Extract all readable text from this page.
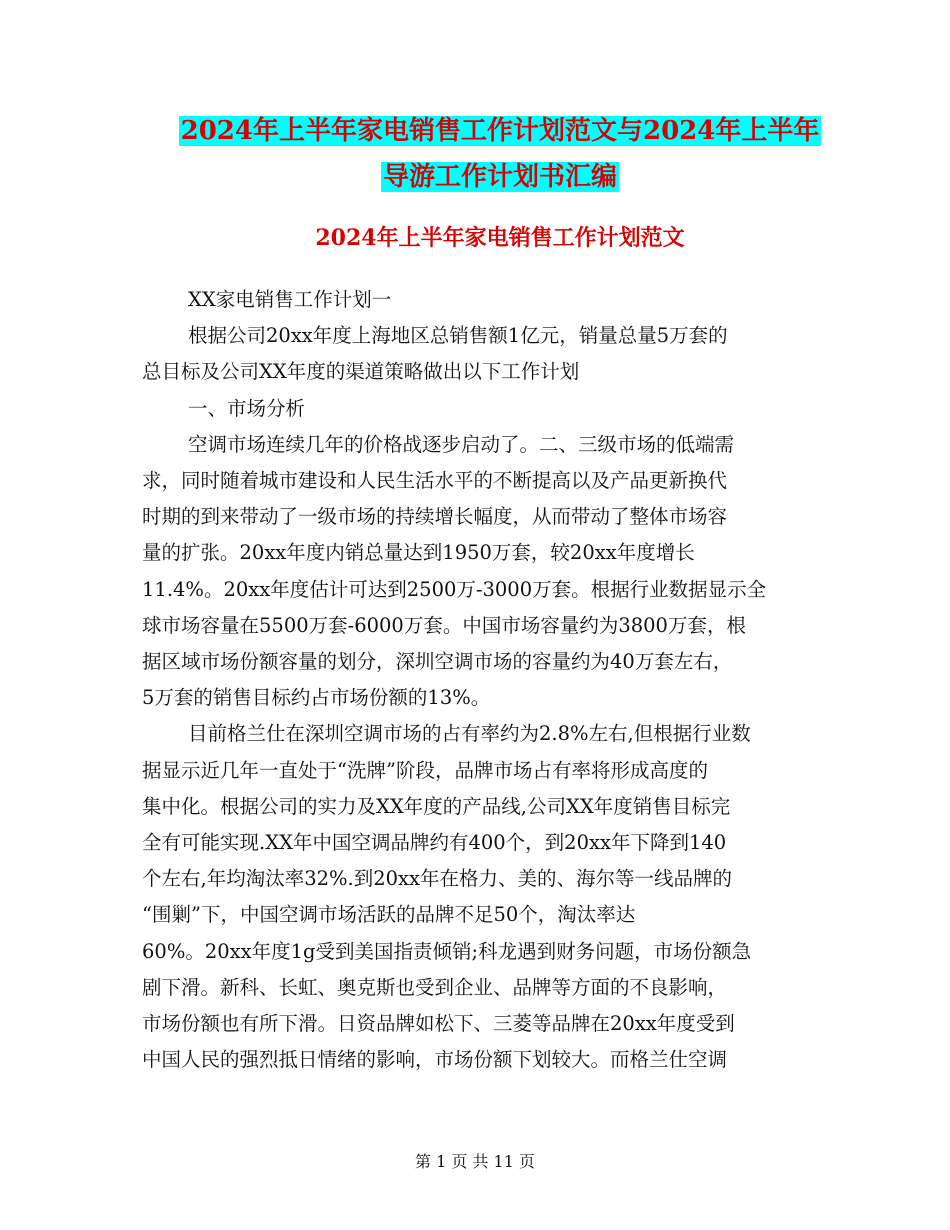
2024年上半年家电销售工作计划范文与2024年上半年
导游工作计划书汇编
2024年上半年家电销售工作计划范文
XX家电销售工作计划一
根据公司20xx年度上海地区总销售额1亿元，销量总量5万套的
总目标及公司XX年度的渠道策略做出以下工作计划
一、市场分析
空调市场连续几年的价格战逐步启动了。二、三级市场的低端需
求，同时随着城市建设和人民生活水平的不断提高以及产品更新换代
时期的到来带动了一级市场的持续增长幅度，从而带动了整体市场容
量的扩张。20xx年度内销总量达到1950万套，较20xx年度增长
11.4%。20xx年度估计可达到2500万-3000万套。根据行业数据显示全
球市场容量在5500万套-6000万套。中国市场容量约为3800万套，根
据区域市场份额容量的划分，深圳空调市场的容量约为40万套左右，
5万套的销售目标约占市场份额的13%。
目前格兰仕在深圳空调市场的占有率约为2.8%左右,但根据行业数
据显示近几年一直处于“洗牌”阶段，品牌市场占有率将形成高度的
集中化。根据公司的实力及XX年度的产品线,公司XX年度销售目标完
全有可能实现.XX年中国空调品牌约有400个，到20xx年下降到140
个左右,年均淘汰率32%.到20xx年在格力、美的、海尔等一线品牌的
“围剿”下，中国空调市场活跃的品牌不足50个，淘汰率达
60%。20xx年度1g受到美国指责倾销;科龙遇到财务问题，市场份额急
剧下滑。新科、长虹、奥克斯也受到企业、品牌等方面的不良影响，
市场份额也有所下滑。日资品牌如松下、三菱等品牌在20xx年度受到
中国人民的强烈抵日情绪的影响，市场份额下划较大。而格兰仕空调
第 1 页 共 11 页
